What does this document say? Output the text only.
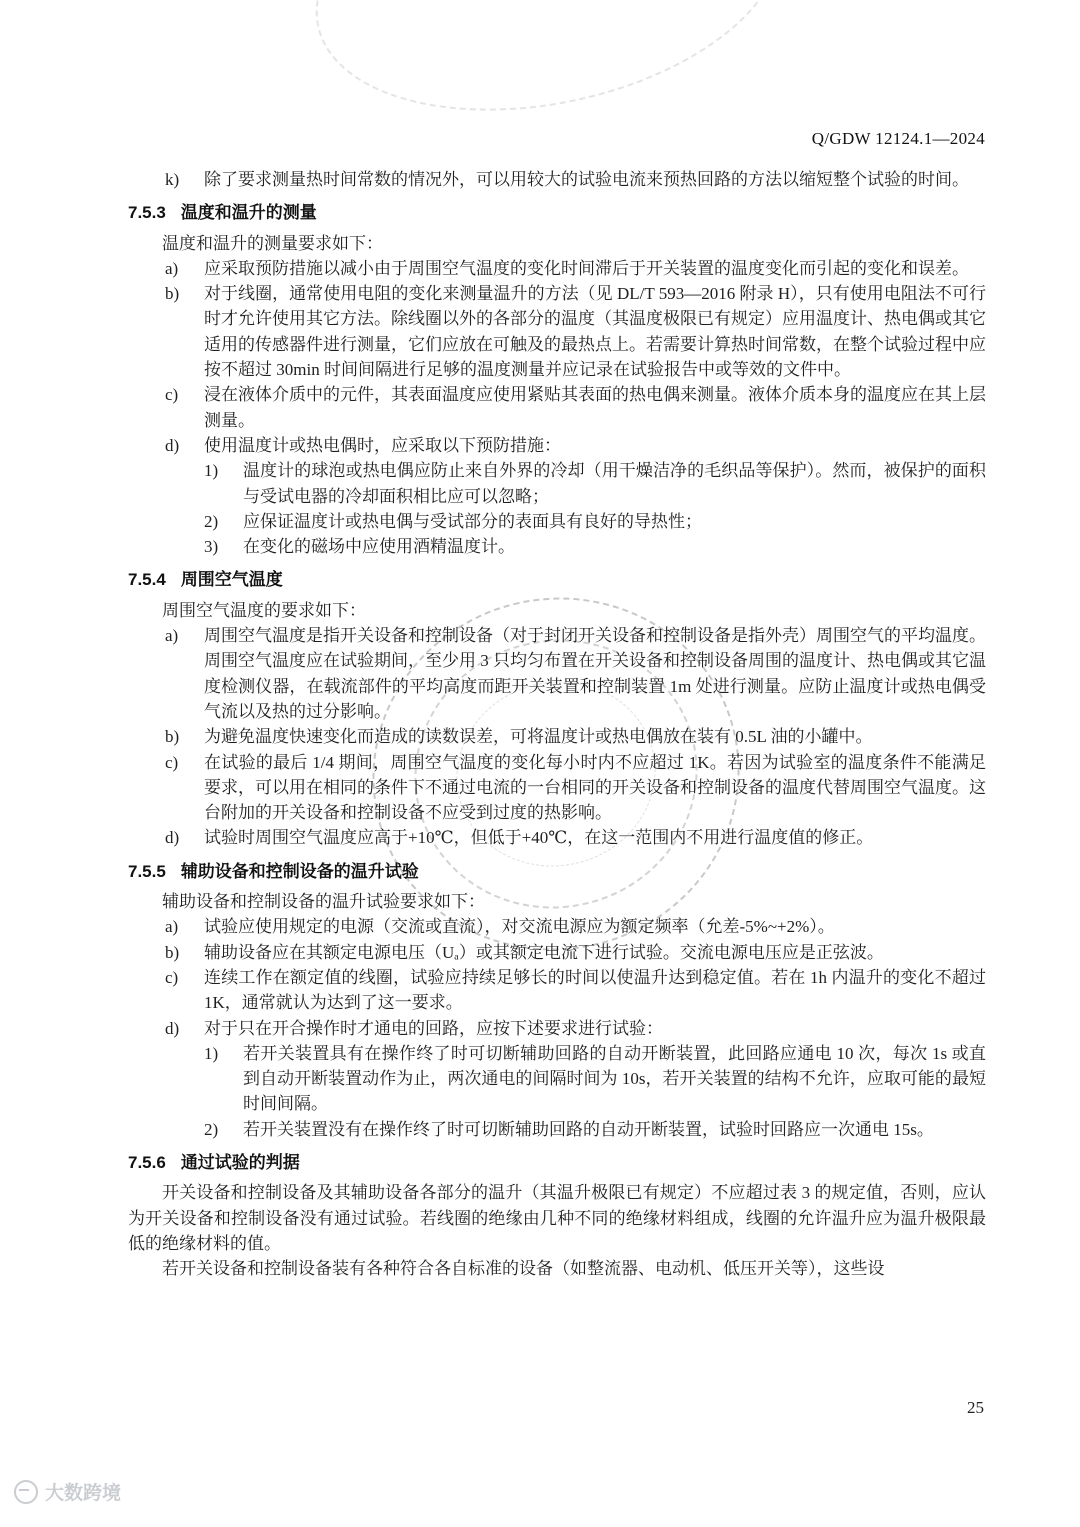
Q/GDW 12124.1—2024
k)	除了要求测量热时间常数的情况外，可以用较大的试验电流来预热回路的方法以缩短整个试验的时间。
7.5.3 温度和温升的测量

温度和温升的测量要求如下：

a)	应采取预防措施以减小由于周围空气温度的变化时间滞后于开关装置的温度变化而引起的变化和误差。
b)	对于线圈，通常使用电阻的变化来测量温升的方法（见 DL/T 593—2016 附录 H），只有使用电阻法不可行时才允许使用其它方法。除线圈以外的各部分的温度（其温度极限已有规定）应用温度计、热电偶或其它适用的传感器件进行测量，它们应放在可触及的最热点上。若需要计算热时间常数，在整个试验过程中应按不超过 30min 时间间隔进行足够的温度测量并应记录在试验报告中或等效的文件中。
c)	浸在液体介质中的元件，其表面温度应使用紧贴其表面的热电偶来测量。液体介质本身的温度应在其上层测量。
d)	使用温度计或热电偶时，应采取以下预防措施：
1)	温度计的球泡或热电偶应防止来自外界的冷却（用干燥洁净的毛织品等保护）。然而，被保护的面积与受试电器的冷却面积相比应可以忽略；
2)	应保证温度计或热电偶与受试部分的表面具有良好的导热性；
3)	在变化的磁场中应使用酒精温度计。
7.5.4 周围空气温度

周围空气温度的要求如下：

a)	周围空气温度是指开关设备和控制设备（对于封闭开关设备和控制设备是指外壳）周围空气的平均温度。周围空气温度应在试验期间，至少用 3 只均匀布置在开关设备和控制设备周围的温度计、热电偶或其它温度检测仪器，在载流部件的平均高度而距开关装置和控制装置 1m 处进行测量。应防止温度计或热电偶受气流以及热的过分影响。
b)	为避免温度快速变化而造成的读数误差，可将温度计或热电偶放在装有 0.5L 油的小罐中。
c)	在试验的最后 1/4 期间，周围空气温度的变化每小时内不应超过 1K。若因为试验室的温度条件不能满足要求，可以用在相同的条件下不通过电流的一台相同的开关设备和控制设备的温度代替周围空气温度。这台附加的开关设备和控制设备不应受到过度的热影响。
d)	试验时周围空气温度应高于+10℃，但低于+40℃，在这一范围内不用进行温度值的修正。
7.5.5 辅助设备和控制设备的温升试验

辅助设备和控制设备的温升试验要求如下：

a)	试验应使用规定的电源（交流或直流），对交流电源应为额定频率（允差-5%~+2%）。
b)	辅助设备应在其额定电源电压（Uₐ）或其额定电流下进行试验。交流电源电压应是正弦波。
c)	连续工作在额定值的线圈，试验应持续足够长的时间以使温升达到稳定值。若在 1h 内温升的变化不超过 1K，通常就认为达到了这一要求。
d)	对于只在开合操作时才通电的回路，应按下述要求进行试验：
1)	若开关装置具有在操作终了时可切断辅助回路的自动开断装置，此回路应通电 10 次，每次 1s 或直到自动开断装置动作为止，两次通电的间隔时间为 10s，若开关装置的结构不允许，应取可能的最短时间间隔。
2)	若开关装置没有在操作终了时可切断辅助回路的自动开断装置，试验时回路应一次通电 15s。
7.5.6 通过试验的判据

开关设备和控制设备及其辅助设备各部分的温升（其温升极限已有规定）不应超过表 3 的规定值，否则，应认为开关设备和控制设备没有通过试验。若线圈的绝缘由几种不同的绝缘材料组成，线圈的允许温升应为温升极限最低的绝缘材料的值。

若开关设备和控制设备装有各种符合各自标准的设备（如整流器、电动机、低压开关等），这些设

25
大数跨境
